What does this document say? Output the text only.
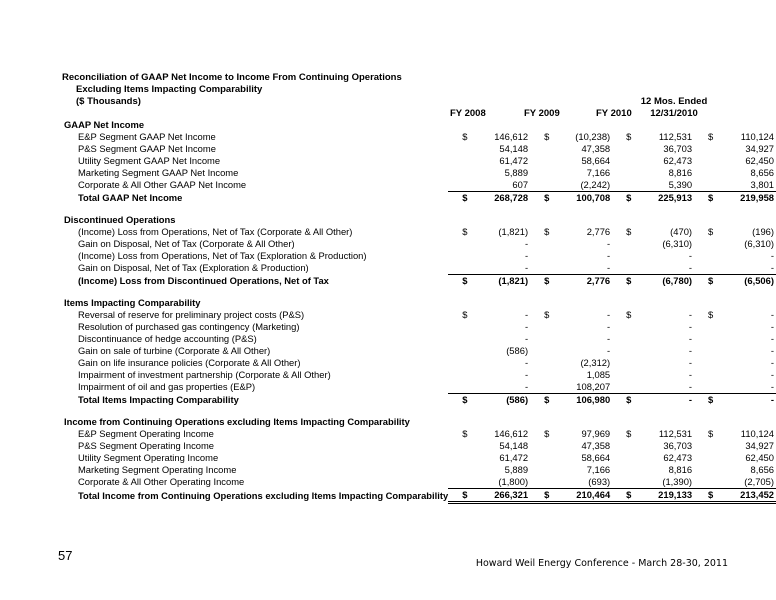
Reconciliation of GAAP Net Income to Income From Continuing Operations
Excluding Items Impacting Comparability
($ Thousands)	12 Mos. Ended
FY 2008	FY 2009	FY 2010	12/31/2010
GAAP Net Income								
E&P Segment GAAP Net Income	$	146,612	$	(10,238)	$	112,531	$	110,124
P&S Segment GAAP Net Income		54,148		47,358		36,703		34,927
Utility Segment GAAP Net Income		61,472		58,664		62,473		62,450
Marketing Segment GAAP Net Income		5,889		7,166		8,816		8,656
Corporate & All Other GAAP Net Income		607		(2,242)		5,390		3,801
Total GAAP Net Income	$	268,728	$	100,708	$	225,913	$	219,958

Discontinued Operations								
(Income) Loss from Operations, Net of Tax (Corporate & All Other)	$	(1,821)	$	2,776	$	(470)	$	(196)
Gain on Disposal, Net of Tax (Corporate & All Other)		-		-		(6,310)		(6,310)
(Income) Loss from Operations, Net of Tax (Exploration & Production)		-		-		-		-
Gain on Disposal, Net of Tax (Exploration & Production)		-		-		-		-
(Income) Loss from Discontinued Operations, Net of Tax	$	(1,821)	$	2,776	$	(6,780)	$	(6,506)

Items Impacting Comparability								
Reversal of reserve for preliminary project costs (P&S)	$	-	$	-	$	-	$	-
Resolution of purchased gas contingency (Marketing)		-		-		-		-
Discontinuance of hedge accounting (P&S)		-		-		-		-
Gain on sale of turbine (Corporate & All Other)		(586)		-		-		-
Gain on life insurance policies (Corporate & All Other)		-		(2,312)		-		-
Impairment of investment partnership (Corporate & All Other)		-		1,085		-		-
Impairment of oil and gas properties (E&P)		-		108,207		-		-
Total Items Impacting Comparability	$	(586)	$	106,980	$	-	$	-

Income from Continuing Operations excluding Items Impacting Comparability								
E&P Segment Operating Income	$	146,612	$	97,969	$	112,531	$	110,124
P&S Segment Operating Income		54,148		47,358		36,703		34,927
Utility Segment Operating Income		61,472		58,664		62,473		62,450
Marketing Segment Operating Income		5,889		7,166		8,816		8,656
Corporate & All Other Operating Income		(1,800)		(693)		(1,390)		(2,705)
Total Income from Continuing Operations excluding Items Impacting Comparability	$	266,321	$	210,464	$	219,133	$	213,452
57
Howard Weil Energy Conference - March 28-30, 2011
